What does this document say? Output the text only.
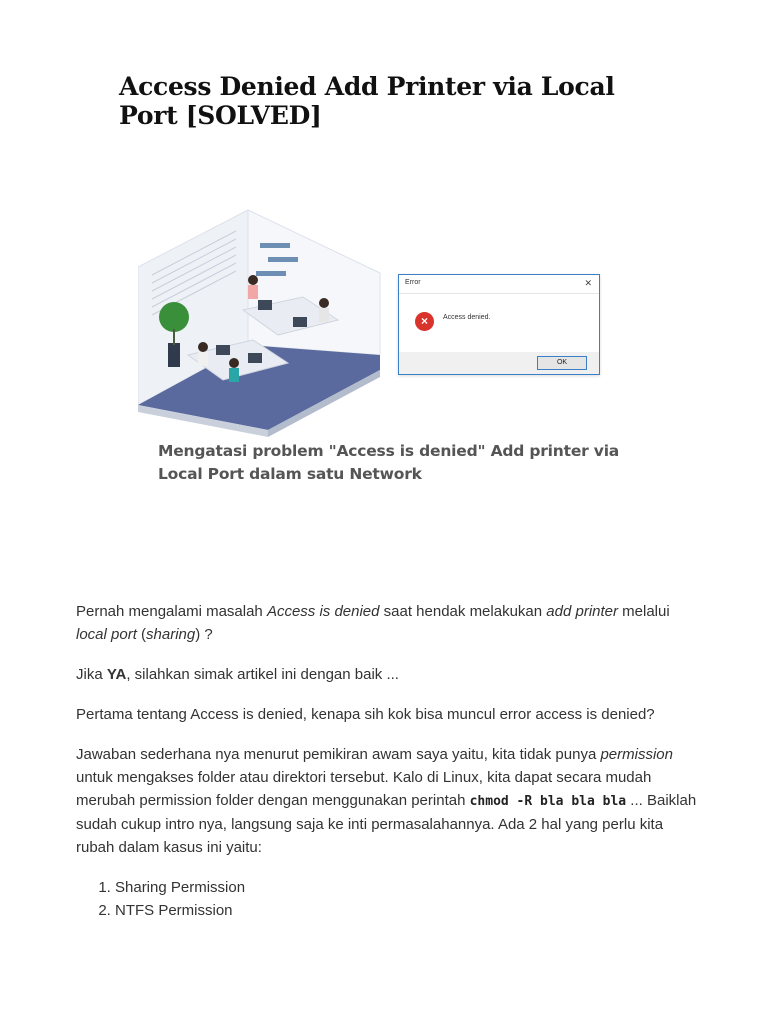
Access Denied Add Printer via Local Port [SOLVED]
Error	✕
×	Access denied.
OK
Mengatasi problem "Access is denied" Add printer via Local Port dalam satu Network

Pernah mengalami masalah Access is denied saat hendak melakukan add printer melalui local port (sharing) ?

Jika YA, silahkan simak artikel ini dengan baik ...

Pertama tentang Access is denied, kenapa sih kok bisa muncul error access is denied?

Jawaban sederhana nya menurut pemikiran awam saya yaitu, kita tidak punya permission untuk mengakses folder atau direktori tersebut. Kalo di Linux, kita dapat secara mudah merubah permission folder dengan menggunakan perintah chmod -R bla bla bla ... Baiklah sudah cukup intro nya, langsung saja ke inti permasalahannya. Ada 2 hal yang perlu kita rubah dalam kasus ini yaitu:

1. Sharing Permission
2. NTFS Permission
